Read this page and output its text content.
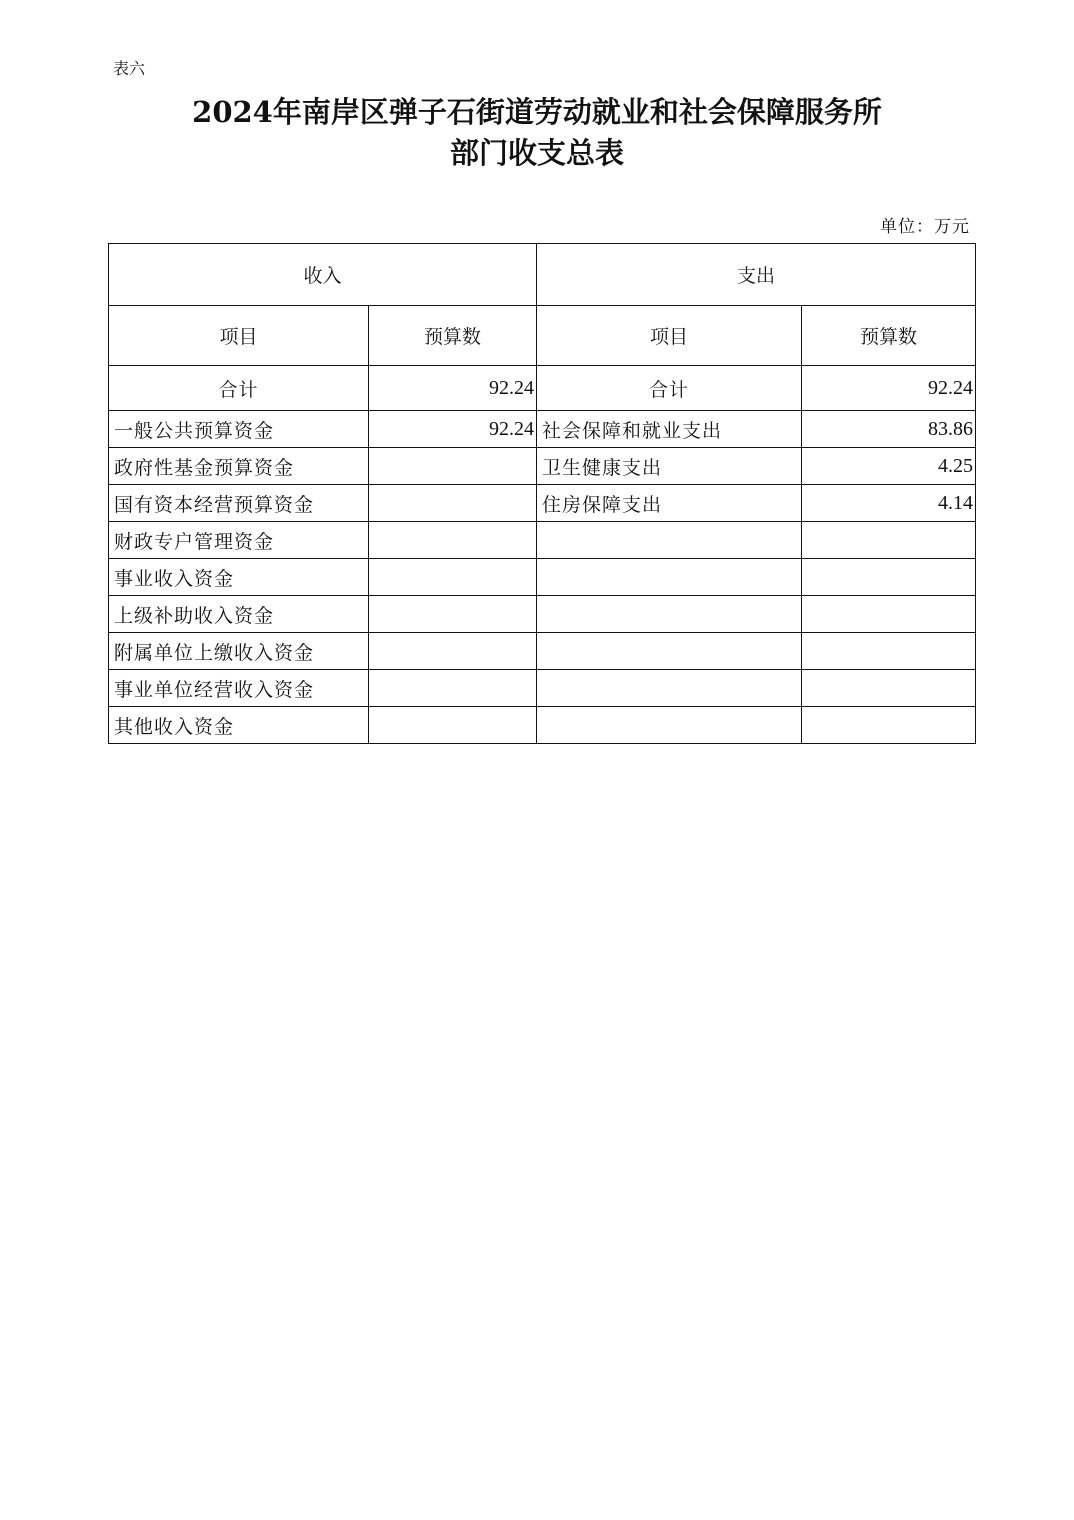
表六
2024年南岸区弹子石街道劳动就业和社会保障服务所
部门收支总表
单位：万元
收入		支出	
项目	预算数	项目	预算数
合计	92.24	合计	92.24
一般公共预算资金	92.24	社会保障和就业支出	83.86
政府性基金预算资金		卫生健康支出	4.25
国有资本经营预算资金		住房保障支出	4.14
财政专户管理资金			
事业收入资金			
上级补助收入资金			
附属单位上缴收入资金			
事业单位经营收入资金			
其他收入资金			
